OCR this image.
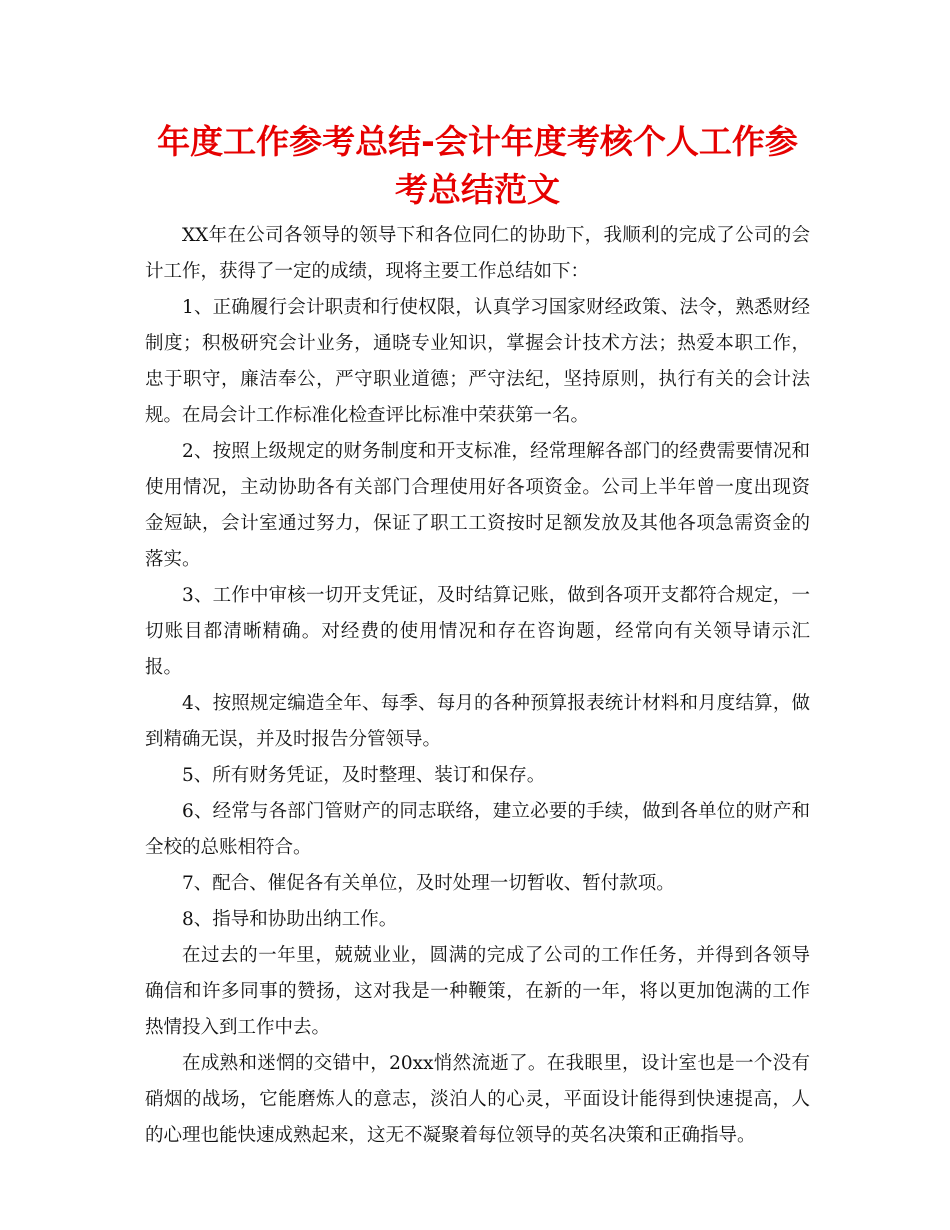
年度工作参考总结-会计年度考核个人工作参考总结范文

XX年在公司各领导的领导下和各位同仁的协助下，我顺利的完成了公司的会计工作，获得了一定的成绩，现将主要工作总结如下：

1、正确履行会计职责和行使权限，认真学习国家财经政策、法令，熟悉财经制度；积极研究会计业务，通晓专业知识，掌握会计技术方法；热爱本职工作，忠于职守，廉洁奉公，严守职业道德；严守法纪，坚持原则，执行有关的会计法规。在局会计工作标准化检查评比标准中荣获第一名。

2、按照上级规定的财务制度和开支标准，经常理解各部门的经费需要情况和使用情况，主动协助各有关部门合理使用好各项资金。公司上半年曾一度出现资金短缺，会计室通过努力，保证了职工工资按时足额发放及其他各项急需资金的落实。

3、工作中审核一切开支凭证，及时结算记账，做到各项开支都符合规定，一切账目都清晰精确。对经费的使用情况和存在咨询题，经常向有关领导请示汇报。

4、按照规定编造全年、每季、每月的各种预算报表统计材料和月度结算，做到精确无误，并及时报告分管领导。

5、所有财务凭证，及时整理、装订和保存。

6、经常与各部门管财产的同志联络，建立必要的手续，做到各单位的财产和全校的总账相符合。

7、配合、催促各有关单位，及时处理一切暂收、暂付款项。

8、指导和协助出纳工作。

在过去的一年里，兢兢业业，圆满的完成了公司的工作任务，并得到各领导确信和许多同事的赞扬，这对我是一种鞭策，在新的一年，将以更加饱满的工作热情投入到工作中去。

在成熟和迷惘的交错中，20xx悄然流逝了。在我眼里，设计室也是一个没有硝烟的战场，它能磨炼人的意志，淡泊人的心灵，平面设计能得到快速提高，人的心理也能快速成熟起来，这无不凝聚着每位领导的英名决策和正确指导。
